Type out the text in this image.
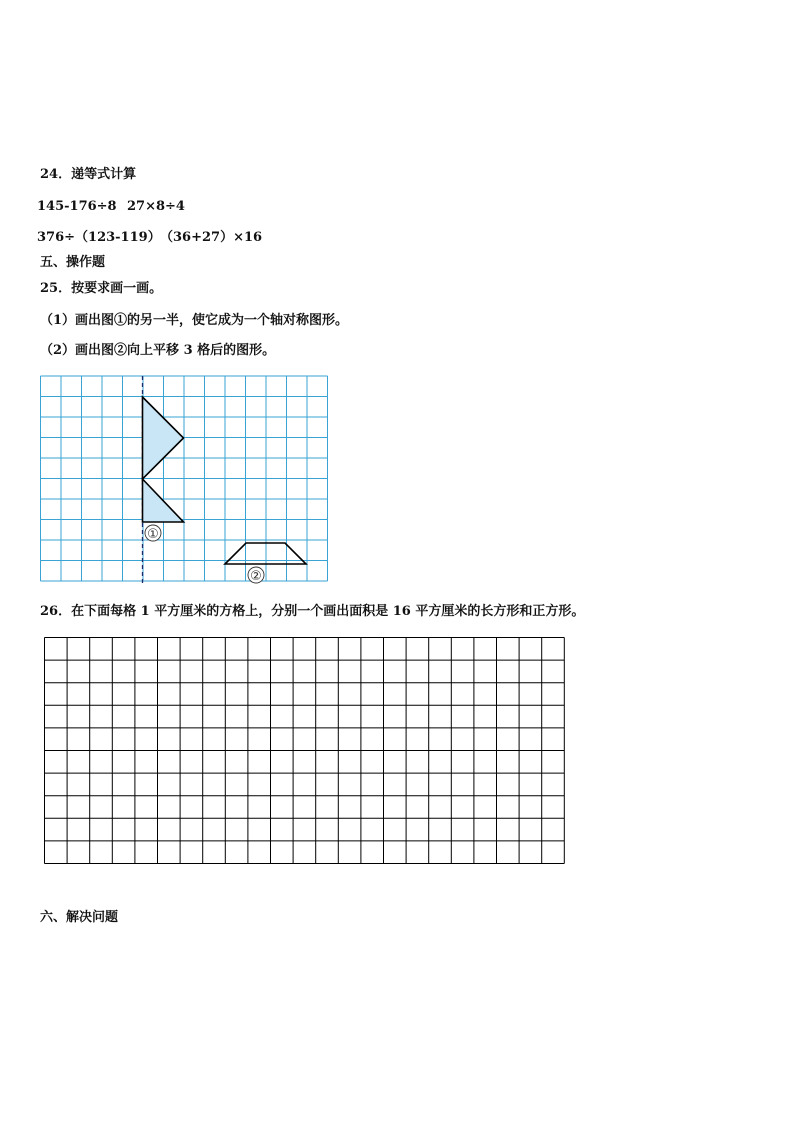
24．递等式计算
145-176÷8 27×8÷4
376÷（123-119） （36+27）×16
五、操作题
25．按要求画一画。
（1）画出图①的另一半，使它成为一个轴对称图形。
（2）画出图②向上平移 3 格后的图形。
①
②
26．在下面每格 1 平方厘米的方格上，分别一个画出面积是 16 平方厘米的长方形和正方形。
六、解决问题
